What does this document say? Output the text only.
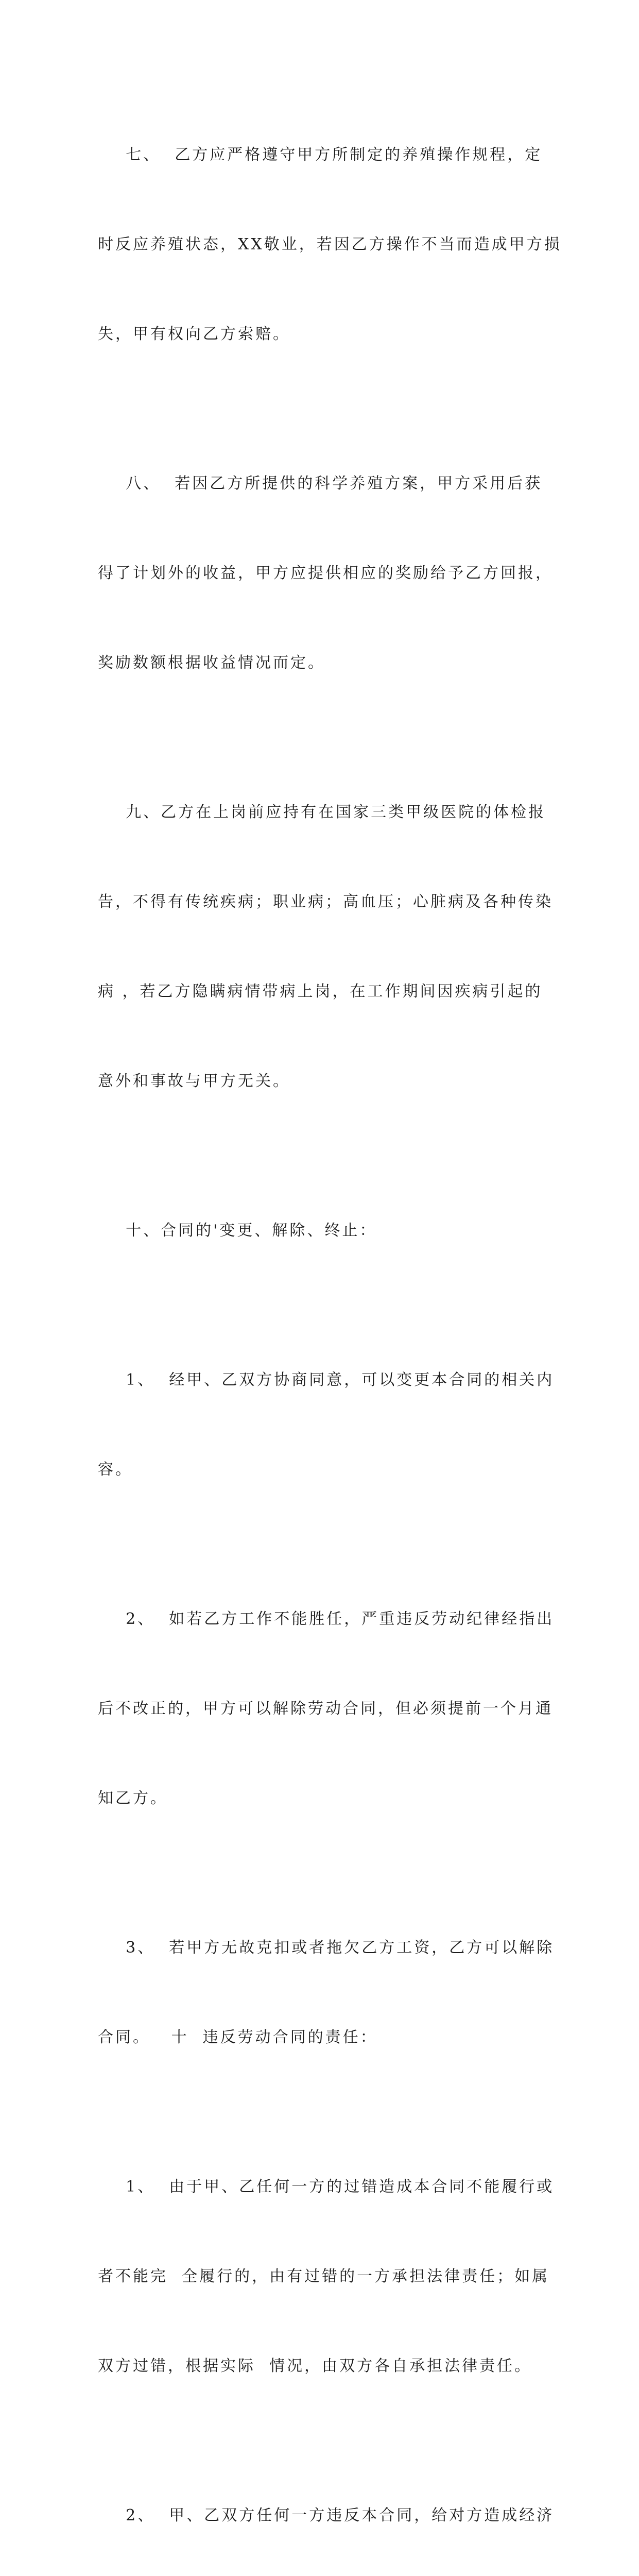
七、  乙方应严格遵守甲方所制定的养殖操作规程，定

时反应养殖状态，XX敬业，若因乙方操作不当而造成甲方损

失，甲有权向乙方索赔。

八、  若因乙方所提供的科学养殖方案，甲方采用后获

得了计划外的收益，甲方应提供相应的奖励给予乙方回报，

奖励数额根据收益情况而定。

九、乙方在上岗前应持有在国家三类甲级医院的体检报

告，不得有传统疾病；职业病；高血压；心脏病及各种传染

病 ，若乙方隐瞒病情带病上岗，在工作期间因疾病引起的

意外和事故与甲方无关。

十、合同的'变更、解除、终止：

1、  经甲、乙双方协商同意，可以变更本合同的相关内

容。

2、  如若乙方工作不能胜任，严重违反劳动纪律经指出

后不改正的，甲方可以解除劳动合同，但必须提前一个月通

知乙方。

3、  若甲方无故克扣或者拖欠乙方工资，乙方可以解除

合同。   十  违反劳动合同的责任：

1、  由于甲、乙任何一方的过错造成本合同不能履行或

者不能完  全履行的，由有过错的一方承担法律责任；如属

双方过错，根据实际  情况，由双方各自承担法律责任。

2、  甲、乙双方任何一方违反本合同，给对方造成经济
